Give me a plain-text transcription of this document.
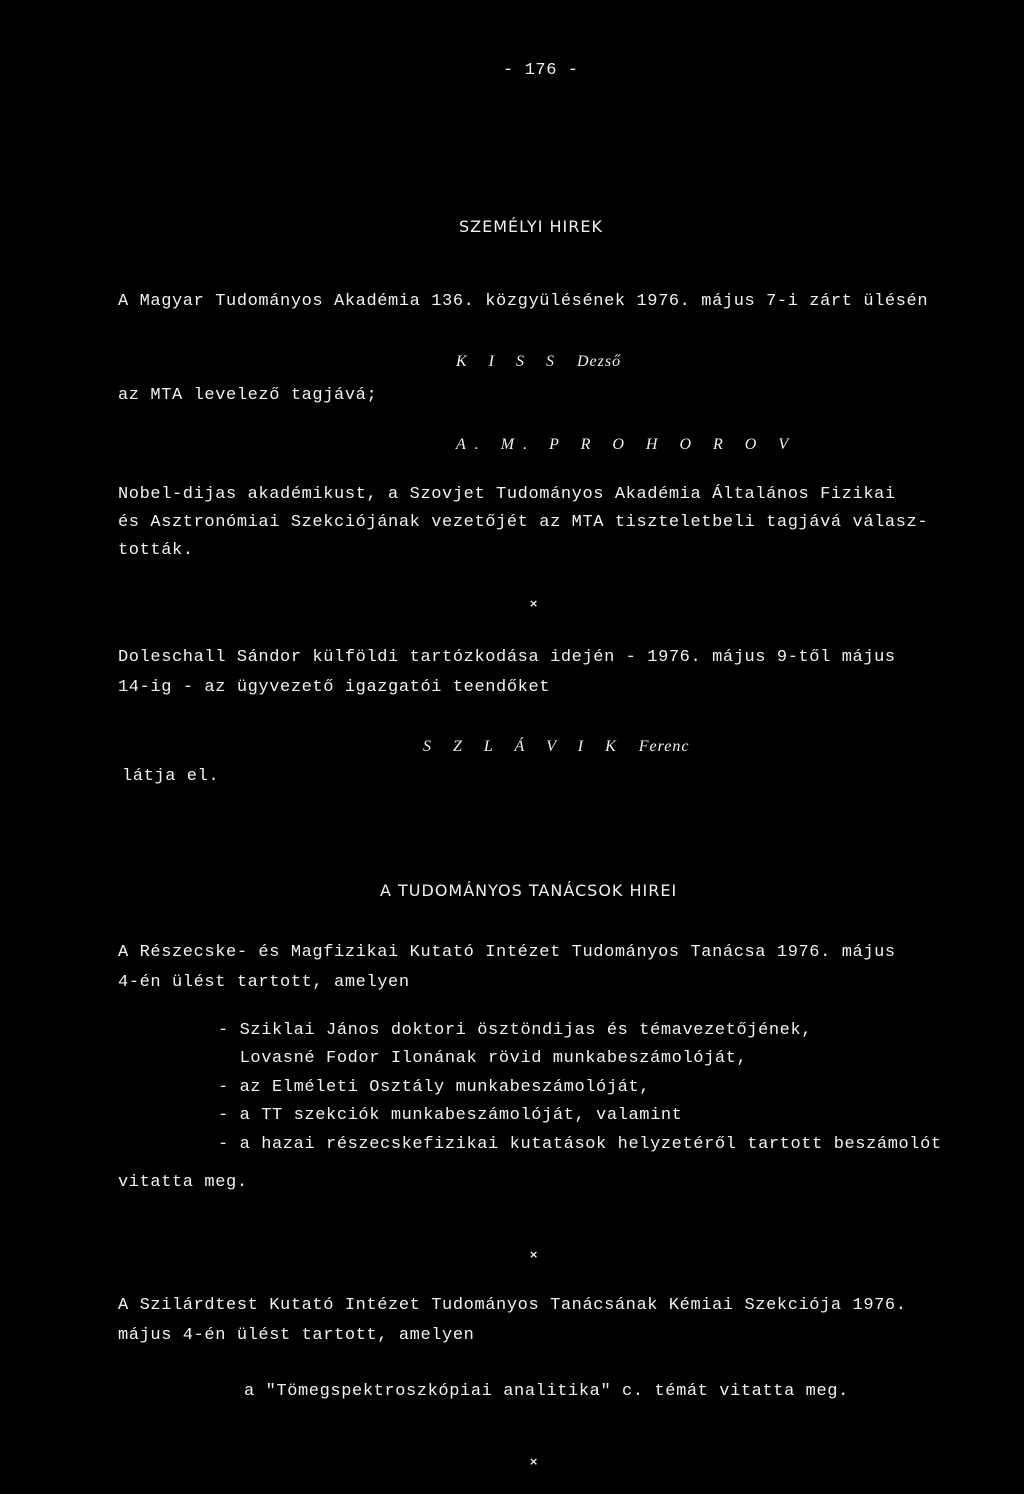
- 176 -
SZEMÉLYI HIREK
A Magyar Tudományos Akadémia 136. közgyülésének 1976. május 7-i zárt ülésén
K I S S Dezső
az MTA levelező tagjává;
A. M. P R O H O R O V
Nobel-dijas akadémikust, a Szovjet Tudományos Akadémia Általános Fizikai
és Asztronómiai Szekciójának vezetőjét az MTA tiszteletbeli tagjává válasz-
tották.
×
Doleschall Sándor külföldi tartózkodása idején - 1976. május 9-től május
14-ig - az ügyvezető igazgatói teendőket
S Z L Á V I K Ferenc
látja el.
A TUDOMÁNYOS TANÁCSOK HIREI
A Részecske- és Magfizikai Kutató Intézet Tudományos Tanácsa 1976. május
4-én ülést tartott, amelyen
- Sziklai János doktori ösztöndijas és témavezetőjének,
Lovasné Fodor Ilonának rövid munkabeszámolóját,
- az Elméleti Osztály munkabeszámolóját,
- a TT szekciók munkabeszámolóját, valamint
- a hazai részecskefizikai kutatások helyzetéről tartott beszámolót
vitatta meg.
×
A Szilárdtest Kutató Intézet Tudományos Tanácsának Kémiai Szekciója 1976.
május 4-én ülést tartott, amelyen
a "Tömegspektroszkópiai analitika" c. témát vitatta meg.
×
